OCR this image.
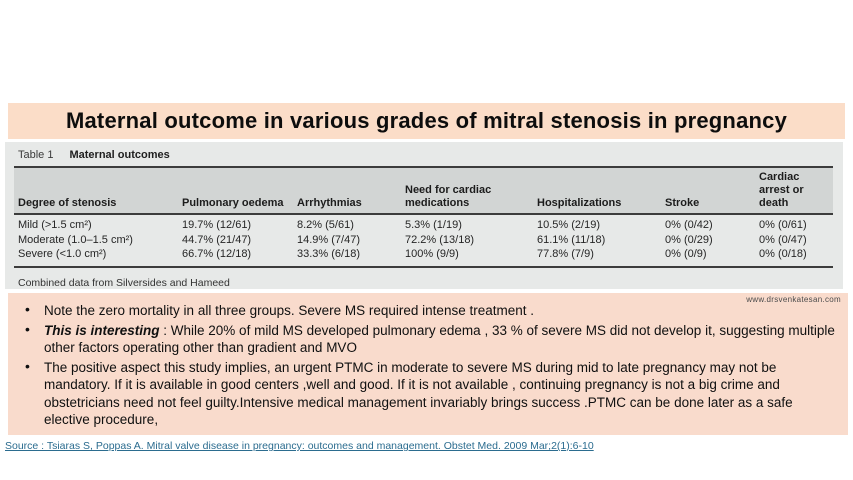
Maternal outcome in various grades of mitral stenosis in pregnancy
Table 1 Maternal outcomes
Degree of stenosis	Pulmonary oedema	Arrhythmias	Need for cardiac medications	Hospitalizations	Stroke	Cardiac arrest or death
Mild (>1.5 cm²)	19.7% (12/61)	8.2% (5/61)	5.3% (1/19)	10.5% (2/19)	0% (0/42)	0% (0/61)
Moderate (1.0–1.5 cm²)	44.7% (21/47)	14.9% (7/47)	72.2% (13/18)	61.1% (11/18)	0% (0/29)	0% (0/47)
Severe (<1.0 cm²)	66.7% (12/18)	33.3% (6/18)	100% (9/9)	77.8% (7/9)	0% (0/9)	0% (0/18)
Combined data from Silversides and Hameed
www.drsvenkatesan.com
• Note the zero mortality in all three groups. Severe MS required intense treatment .
• This is interesting : While 20% of mild MS developed pulmonary edema , 33 % of severe MS did not develop it, suggesting multiple other factors operating other than gradient and MVO
• The positive aspect this study implies, an urgent PTMC in moderate to severe MS during mid to late pregnancy may not be mandatory. If it is available in good centers ,well and good. If it is not available , continuing pregnancy is not a big crime and obstetricians need not feel guilty.Intensive medical management invariably brings success .PTMC can be done later as a safe elective procedure,
Source : Tsiaras S, Poppas A. Mitral valve disease in pregnancy: outcomes and management. Obstet Med. 2009 Mar;2(1):6-10
